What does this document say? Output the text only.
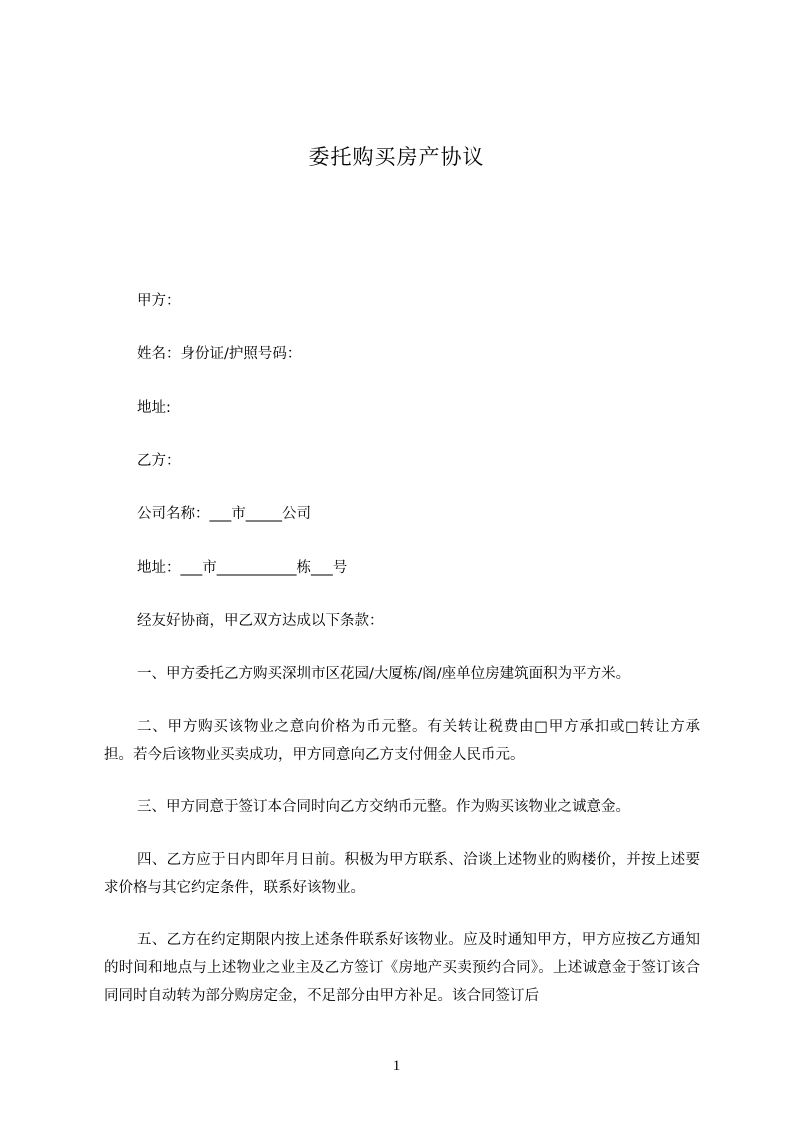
委托购买房产协议
甲方：
姓名：身份证/护照号码：
地址:
乙方：
公司名称：___市_____公司
地址：___市___________栋___号
经友好协商，甲乙双方达成以下条款：
一、甲方委托乙方购买深圳市区花园/大厦栋/阁/座单位房建筑面积为平方米。
二、甲方购买该物业之意向价格为币元整。有关转让税费由□甲方承扣或□转让方承担。若今后该物业买卖成功，甲方同意向乙方支付佣金人民币元。
三、甲方同意于签订本合同时向乙方交纳币元整。作为购买该物业之诚意金。
四、乙方应于日内即年月日前。积极为甲方联系、洽谈上述物业的购楼价，并按上述要求价格与其它约定条件，联系好该物业。
五、乙方在约定期限内按上述条件联系好该物业。应及时通知甲方，甲方应按乙方通知的时间和地点与上述物业之业主及乙方签订《房地产买卖预约合同》。上述诚意金于签订该合同同时自动转为部分购房定金，不足部分由甲方补足。该合同签订后
1
